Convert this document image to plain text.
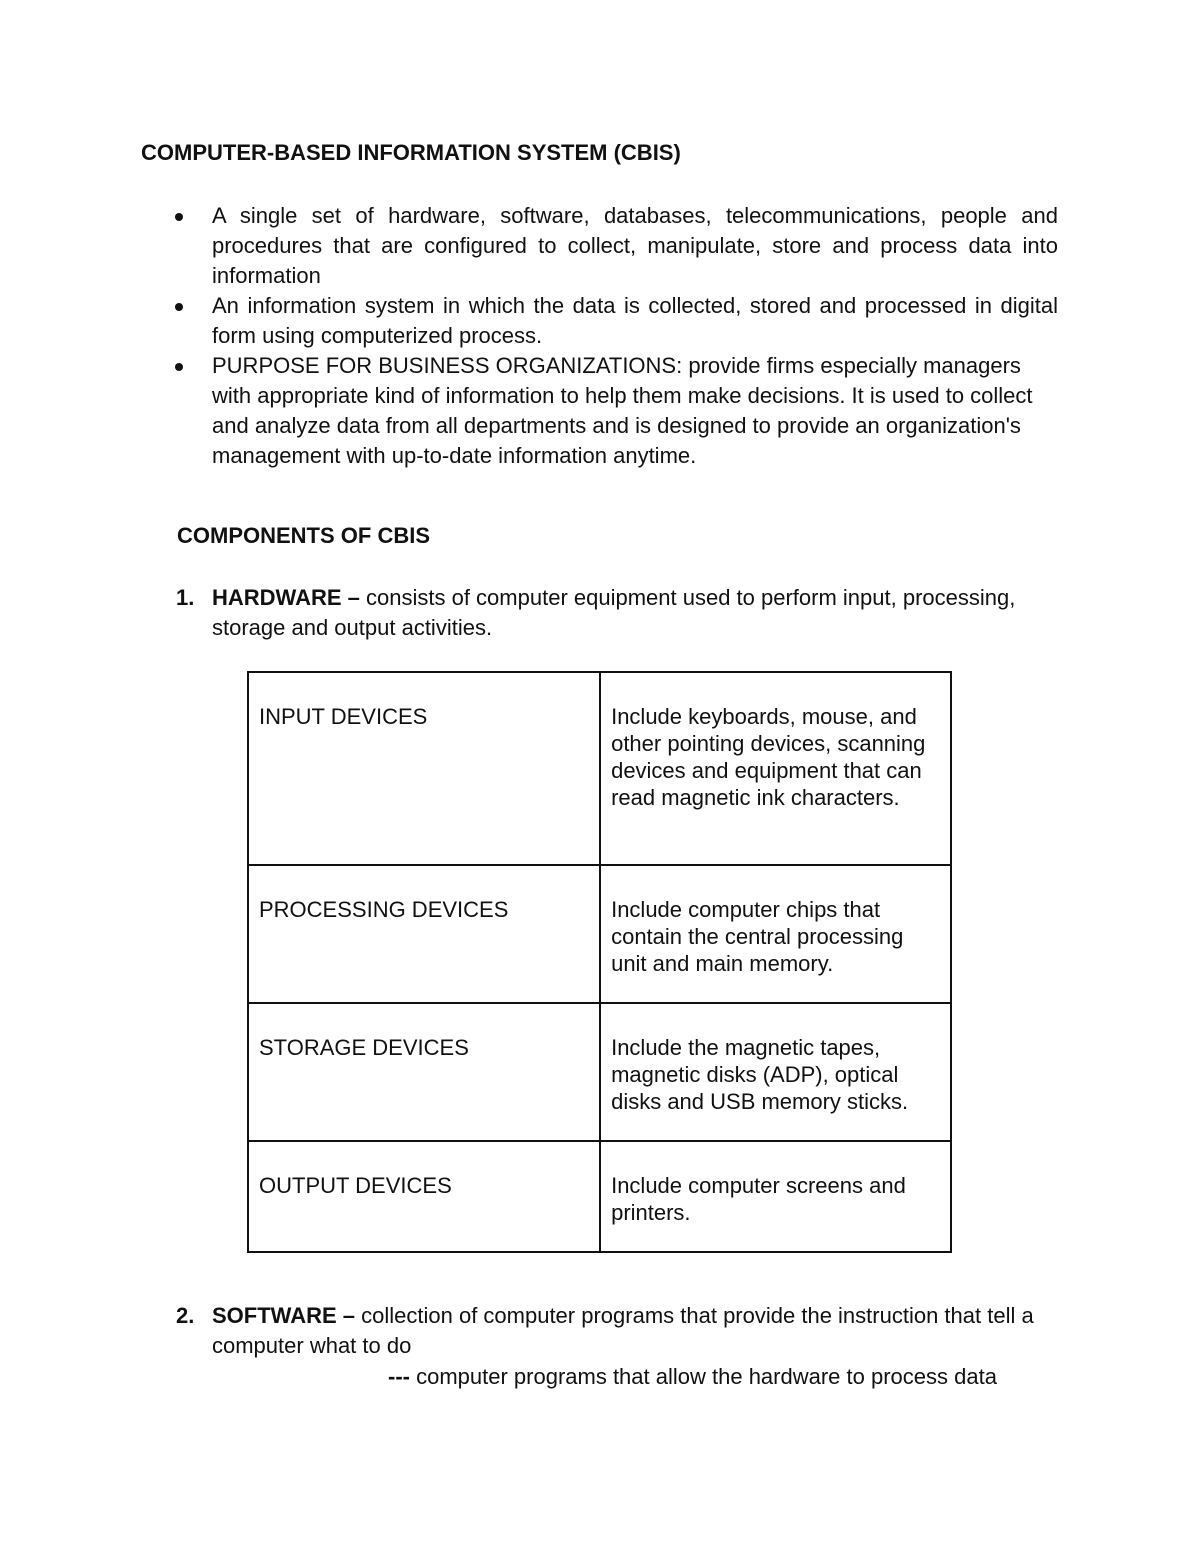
COMPUTER-BASED INFORMATION SYSTEM (CBIS)
A single set of hardware, software, databases, telecommunications, people and procedures that are configured to collect, manipulate, store and process data into information
An information system in which the data is collected, stored and processed in digital form using computerized process.
PURPOSE FOR BUSINESS ORGANIZATIONS: provide firms especially managers with appropriate kind of information to help them make decisions. It is used to collect and analyze data from all departments and is designed to provide an organization's management with up-to-date information anytime.
COMPONENTS OF CBIS
1. HARDWARE – consists of computer equipment used to perform input, processing, storage and output activities.
INPUT DEVICES	Include keyboards, mouse, and other pointing devices, scanning devices and equipment that can read magnetic ink characters.
PROCESSING DEVICES	Include computer chips that contain the central processing unit and main memory.
STORAGE DEVICES	Include the magnetic tapes, magnetic disks (ADP), optical disks and USB memory sticks.
OUTPUT DEVICES	Include computer screens and printers.
2. SOFTWARE – collection of computer programs that provide the instruction that tell a computer what to do
--- computer programs that allow the hardware to process data
